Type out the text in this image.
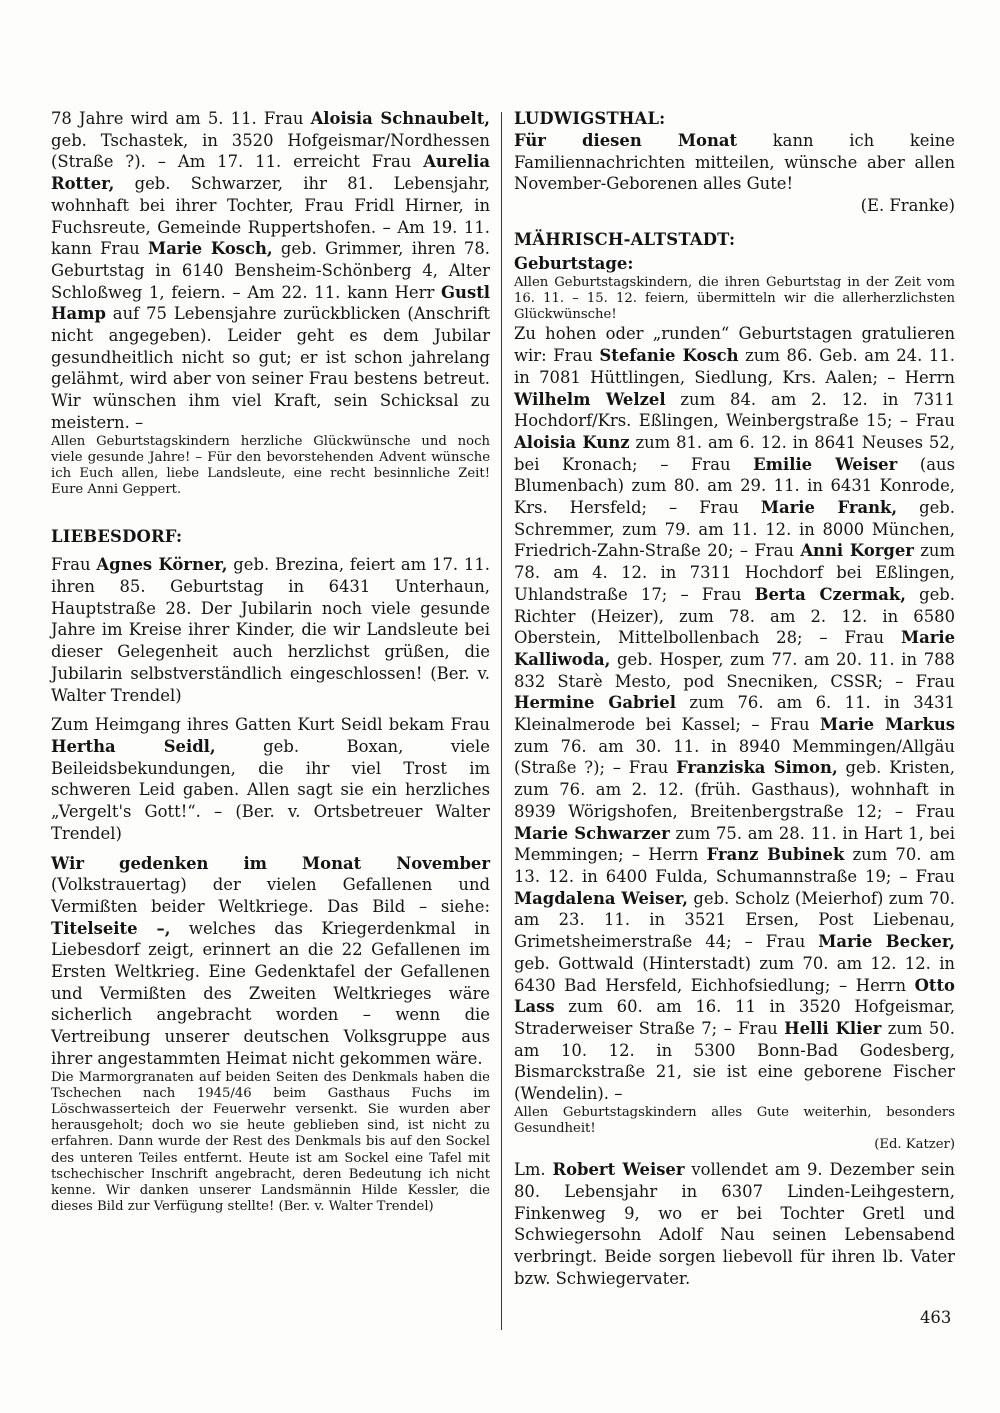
78 Jahre wird am 5. 11. Frau Aloisia Schnaubelt, geb. Tschastek, in 3520 Hofgeismar/Nordhessen (Straße ?). – Am 17. 11. erreicht Frau Aurelia Rotter, geb. Schwarzer, ihr 81. Lebensjahr, wohnhaft bei ihrer Tochter, Frau Fridl Hirner, in Fuchsreute, Gemeinde Ruppertshofen. – Am 19. 11. kann Frau Marie Kosch, geb. Grimmer, ihren 78. Geburtstag in 6140 Bensheim-Schönberg 4, Alter Schloßweg 1, feiern. – Am 22. 11. kann Herr Gustl Hamp auf 75 Lebensjahre zurückblicken (Anschrift nicht angegeben). Leider geht es dem Jubilar gesundheitlich nicht so gut; er ist schon jahrelang gelähmt, wird aber von seiner Frau bestens betreut. Wir wünschen ihm viel Kraft, sein Schicksal zu meistern. –

Allen Geburtstagskindern herzliche Glückwünsche und noch viele gesunde Jahre! – Für den bevorstehenden Advent wünsche ich Euch allen, liebe Landsleute, eine recht besinnliche Zeit! Eure Anni Geppert.

LIEBESDORF:

Frau Agnes Körner, geb. Brezina, feiert am 17. 11. ihren 85. Geburtstag in 6431 Unterhaun, Hauptstraße 28. Der Jubilarin noch viele gesunde Jahre im Kreise ihrer Kinder, die wir Landsleute bei dieser Gelegenheit auch herzlichst grüßen, die Jubilarin selbstverständlich eingeschlossen! (Ber. v. Walter Trendel)

Zum Heimgang ihres Gatten Kurt Seidl bekam Frau Hertha Seidl, geb. Boxan, viele Beileidsbekundungen, die ihr viel Trost im schweren Leid gaben. Allen sagt sie ein herzliches „Vergelt's Gott!“. – (Ber. v. Ortsbetreuer Walter Trendel)

Wir gedenken im Monat November (Volkstrauertag) der vielen Gefallenen und Vermißten beider Weltkriege. Das Bild – siehe: Titelseite –, welches das Kriegerdenkmal in Liebesdorf zeigt, erinnert an die 22 Gefallenen im Ersten Weltkrieg. Eine Gedenktafel der Gefallenen und Vermißten des Zweiten Weltkrieges wäre sicherlich angebracht worden – wenn die Vertreibung unserer deutschen Volksgruppe aus ihrer angestammten Heimat nicht gekommen wäre.

Die Marmorgranaten auf beiden Seiten des Denkmals haben die Tschechen nach 1945/46 beim Gasthaus Fuchs im Löschwasserteich der Feuerwehr versenkt. Sie wurden aber herausgeholt; doch wo sie heute geblieben sind, ist nicht zu erfahren. Dann wurde der Rest des Denkmals bis auf den Sockel des unteren Teiles entfernt. Heute ist am Sockel eine Tafel mit tschechischer Inschrift angebracht, deren Bedeutung ich nicht kenne. Wir danken unserer Landsmännin Hilde Kessler, die dieses Bild zur Verfügung stellte! (Ber. v. Walter Trendel)

LUDWIGSTHAL:

Für diesen Monat kann ich keine Familiennachrichten mitteilen, wünsche aber allen November-Geborenen alles Gute!

(E. Franke)

MÄHRISCH-ALTSTADT:
Geburtstage:

Allen Geburtstagskindern, die ihren Geburtstag in der Zeit vom 16. 11. – 15. 12. feiern, übermitteln wir die allerherzlichsten Glückwünsche!

Zu hohen oder „runden“ Geburtstagen gratulieren wir: Frau Stefanie Kosch zum 86. Geb. am 24. 11. in 7081 Hüttlingen, Siedlung, Krs. Aalen; – Herrn Wilhelm Welzel zum 84. am 2. 12. in 7311 Hochdorf/Krs. Eßlingen, Weinbergstraße 15; – Frau Aloisia Kunz zum 81. am 6. 12. in 8641 Neuses 52, bei Kronach; – Frau Emilie Weiser (aus Blumenbach) zum 80. am 29. 11. in 6431 Konrode, Krs. Hersfeld; – Frau Marie Frank, geb. Schremmer, zum 79. am 11. 12. in 8000 München, Friedrich-Zahn-Straße 20; – Frau Anni Korger zum 78. am 4. 12. in 7311 Hochdorf bei Eßlingen, Uhlandstraße 17; – Frau Berta Czermak, geb. Richter (Heizer), zum 78. am 2. 12. in 6580 Oberstein, Mittelbollenbach 28; – Frau Marie Kalliwoda, geb. Hosper, zum 77. am 20. 11. in 788 832 Starè Mesto, pod Snecniken, CSSR; – Frau Hermine Gabriel zum 76. am 6. 11. in 3431 Kleinalmerode bei Kassel; – Frau Marie Markus zum 76. am 30. 11. in 8940 Memmingen/Allgäu (Straße ?); – Frau Franziska Simon, geb. Kristen, zum 76. am 2. 12. (früh. Gasthaus), wohnhaft in 8939 Wörigshofen, Breitenbergstraße 12; – Frau Marie Schwarzer zum 75. am 28. 11. in Hart 1, bei Memmingen; – Herrn Franz Bubinek zum 70. am 13. 12. in 6400 Fulda, Schumannstraße 19; – Frau Magdalena Weiser, geb. Scholz (Meierhof) zum 70. am 23. 11. in 3521 Ersen, Post Liebenau, Grimetsheimerstraße 44; – Frau Marie Becker, geb. Gottwald (Hinterstadt) zum 70. am 12. 12. in 6430 Bad Hersfeld, Eichhofsiedlung; – Herrn Otto Lass zum 60. am 16. 11 in 3520 Hofgeismar, Straderweiser Straße 7; – Frau Helli Klier zum 50. am 10. 12. in 5300 Bonn-Bad Godesberg, Bismarckstraße 21, sie ist eine geborene Fischer (Wendelin). –

Allen Geburtstagskindern alles Gute weiterhin, besonders Gesundheit!
(Ed. Katzer)

Lm. Robert Weiser vollendet am 9. Dezember sein 80. Lebensjahr in 6307 Linden-Leihgestern, Finkenweg 9, wo er bei Tochter Gretl und Schwiegersohn Adolf Nau seinen Lebensabend verbringt. Beide sorgen liebevoll für ihren lb. Vater bzw. Schwiegervater.

463
